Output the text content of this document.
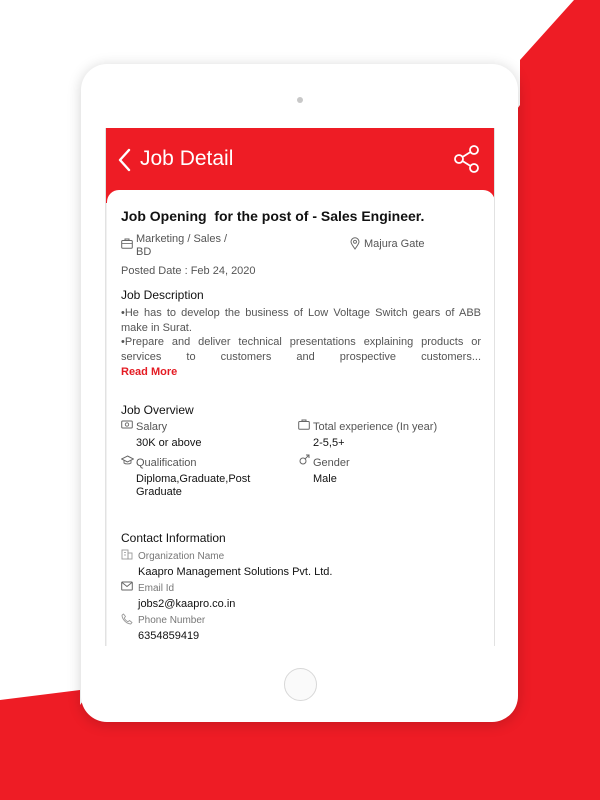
Job Detail
Job Opening  for the post of - Sales Engineer.
Marketing / Sales /
BD
Majura Gate
Posted Date : Feb 24, 2020
Job Description

•He has to develop the business of Low Voltage Switch gears of ABB make in Surat.

•Prepare and deliver technical presentations explaining products or services to customers and prospective customers...

Read More
Job Overview
Salary
30K or above
Total experience (In year)
2-5,5+
Qualification
Diploma,Graduate,Post
Graduate
Gender
Male
Contact Information
Organization Name
Kaapro Management Solutions Pvt. Ltd.
Email Id
jobs2@kaapro.co.in
Phone Number
6354859419
